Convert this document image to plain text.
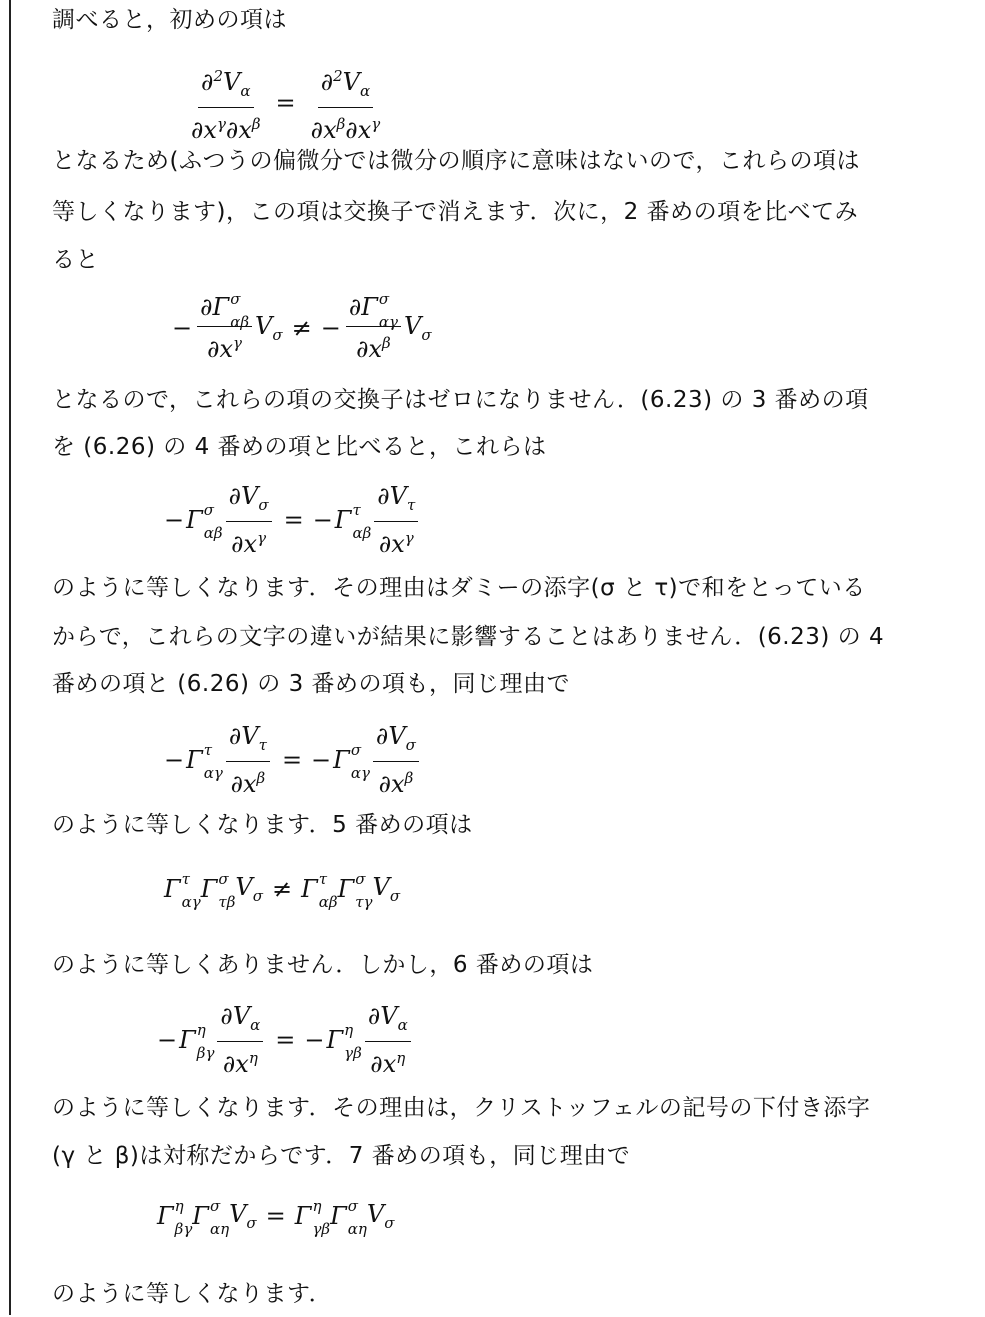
調べると，初めの項は
$\frac{\partial^2V_\alpha}{\partial x^\gamma\partial x^\beta} = \frac{\partial^2V_\alpha}{\partial x^\beta\partial x^\gamma}$
となるため(ふつうの偏微分では微分の順序に意味はないので，これらの項は
等しくなります)，この項は交換子で消えます．次に，2 番めの項を比べてみ
ると
− ∂Γ σ
αβ
$\partial x^\gamma$ $V_\sigma$ ≠ − ∂Γ σ
αγ
$\partial x^\beta$ $V_\sigma$
となるので，これらの項の交換子はゼロになりません．(6.23) の 3 番めの項
を (6.26) の 4 番めの項と比べると，これらは
− Γ σ
αβ $\frac{\partial V_\sigma}{\partial x^\gamma}$ = − Γ τ
αβ $\frac{\partial V_\tau}{\partial x^\gamma}$
のように等しくなります．その理由はダミーの添字(σ と τ)で和をとっている
からで，これらの文字の違いが結果に影響することはありません．(6.23) の 4
番めの項と (6.26) の 3 番めの項も，同じ理由で
− Γ τ
αγ $\frac{\partial V_\tau}{\partial x^\beta}$ = − Γ σ
αγ $\frac{\partial V_\sigma}{\partial x^\beta}$
のように等しくなります．5 番めの項は
Γ τ
αγ Γ σ
τβ
$V_\sigma \ne \Gamma$ τ
αβ Γ σ
τγ
$V_\sigma$
のように等しくありません．しかし，6 番めの項は
− Γ η
βγ $\frac{\partial V_\alpha}{\partial x^\eta}$ = − Γ η
γβ $\frac{\partial V_\alpha}{\partial x^\eta}$
のように等しくなります．その理由は，クリストッフェルの記号の下付き添字
(γ と β)は対称だからです．7 番めの項も，同じ理由で
Γ η
βγ Γ σ
αη
$V_\sigma = \Gamma$ η
γβ Γ σ
αη
$V_\sigma$
のように等しくなります．
